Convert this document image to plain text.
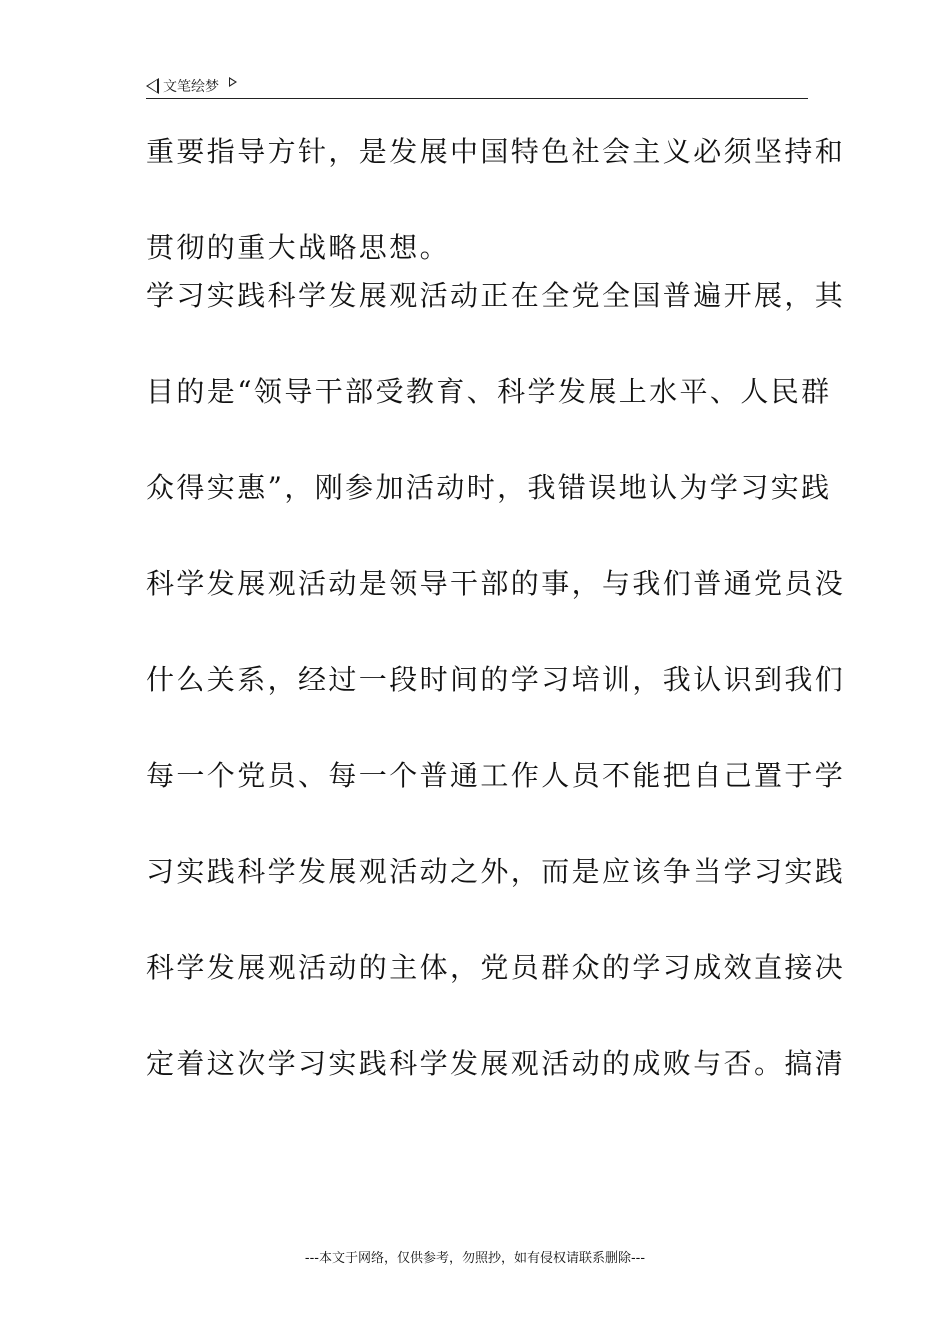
文笔绘梦
重要指导方针，是发展中国特色社会主义必须坚持和
贯彻的重大战略思想。
学习实践科学发展观活动正在全党全国普遍开展，其
目的是“领导干部受教育、科学发展上水平、人民群
众得实惠”，刚参加活动时，我错误地认为学习实践
科学发展观活动是领导干部的事，与我们普通党员没
什么关系，经过一段时间的学习培训，我认识到我们
每一个党员、每一个普通工作人员不能把自己置于学
习实践科学发展观活动之外，而是应该争当学习实践
科学发展观活动的主体，党员群众的学习成效直接决
定着这次学习实践科学发展观活动的成败与否。搞清
---本文于网络，仅供参考，勿照抄，如有侵权请联系删除---
